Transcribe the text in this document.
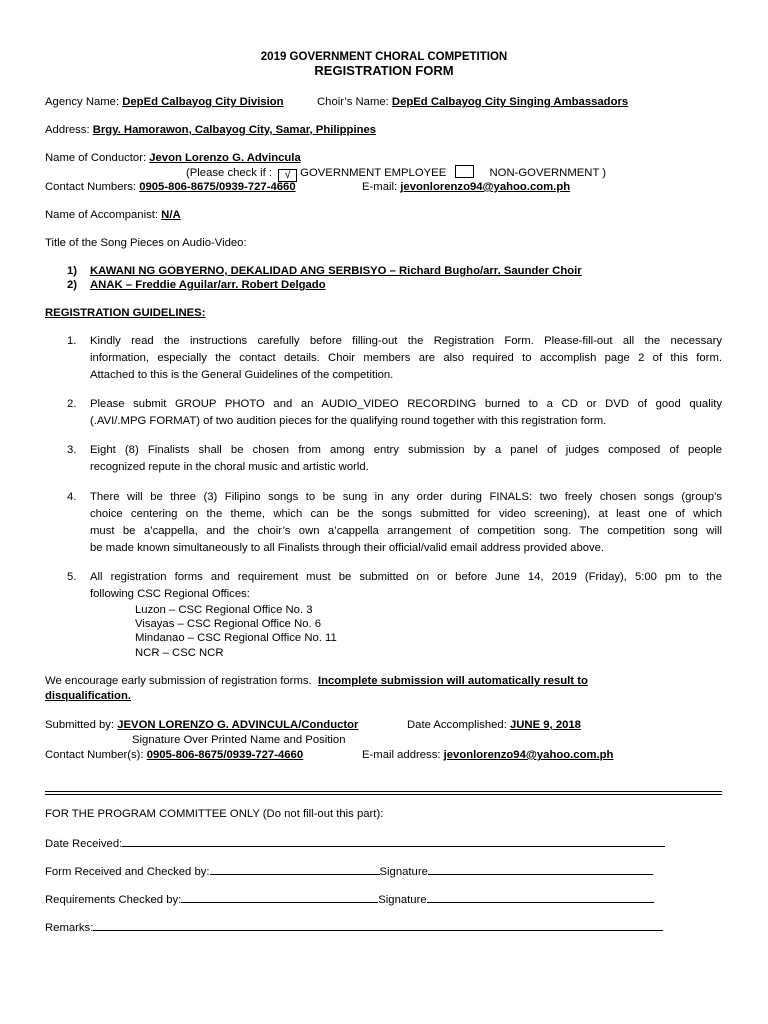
2019 GOVERNMENT CHORAL COMPETITION
REGISTRATION FORM
Agency Name: DepEd Calbayog City Division	Choir’s Name: DepEd Calbayog City Singing Ambassadors
Address: Brgy. Hamorawon, Calbayog City, Samar, Philippines
Name of Conductor: Jevon Lorenzo G. Advincula
(Please check if : √ GOVERNMENT EMPLOYEE	NON-GOVERNMENT )
Contact Numbers: 0905-806-8675/0939-727-4660	E-mail: jevonlorenzo94@yahoo.com.ph
Name of Accompanist: N/A
Title of the Song Pieces on Audio-Video:
1) KAWANI NG GOBYERNO, DEKALIDAD ANG SERBISYO – Richard Bugho/arr. Saunder Choir
2) ANAK – Freddie Aguilar/arr. Robert Delgado
REGISTRATION GUIDELINES:
1. Kindly read the instructions carefully before filling-out the Registration Form. Please-fill-out all the necessary
information, especially the contact details. Choir members are also required to accomplish page 2 of this form.
Attached to this is the General Guidelines of the competition.
2. Please submit GROUP PHOTO and an AUDIO_VIDEO RECORDING burned to a CD or DVD of good quality
(.AVI/.MPG FORMAT) of two audition pieces for the qualifying round together with this registration form.
3. Eight (8) Finalists shall be chosen from among entry submission by a panel of judges composed of people
recognized repute in the choral music and artistic world.
4. There will be three (3) Filipino songs to be sung in any order during FINALS: two freely chosen songs (group’s
choice centering on the theme, which can be the songs submitted for video screening), at least one of which
must be a’cappella, and the choir’s own a’cappella arrangement of competition song. The competition song will
be made known simultaneously to all Finalists through their official/valid email address provided above.
5. All registration forms and requirement must be submitted on or before June 14, 2019 (Friday), 5:00 pm to the
following CSC Regional Offices:
Luzon – CSC Regional Office No. 3
Visayas – CSC Regional Office No. 6
Mindanao – CSC Regional Office No. 11
NCR – CSC NCR
We encourage early submission of registration forms. Incomplete submission will automatically result to
disqualification.
Submitted by: JEVON LORENZO G. ADVINCULA/Conductor	Date Accomplished: JUNE 9, 2018
Signature Over Printed Name and Position
Contact Number(s): 0905-806-8675/0939-727-4660	E-mail address: jevonlorenzo94@yahoo.com.ph
FOR THE PROGRAM COMMITTEE ONLY (Do not fill-out this part):
Date Received:
Form Received and Checked by:	Signature
Requirements Checked by:	Signature
Remarks:
